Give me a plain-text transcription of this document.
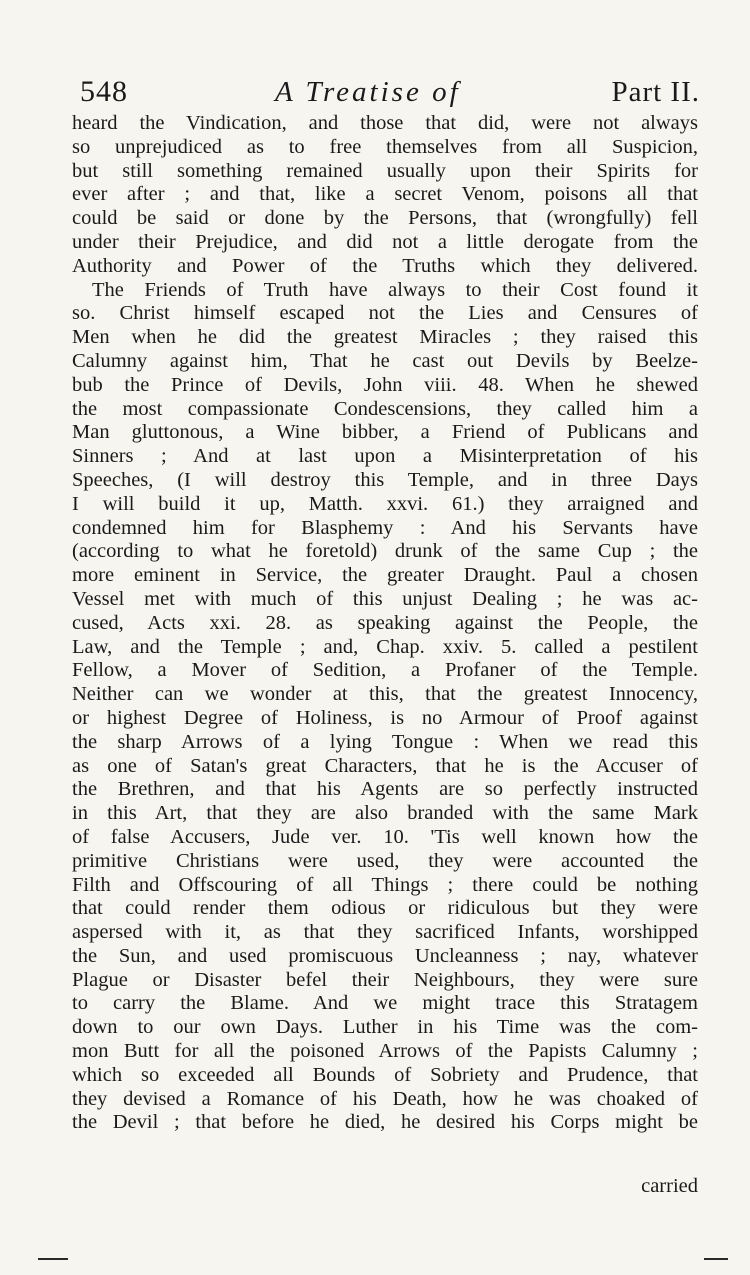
548	A Treatise of	Part II.
heard the Vindication, and those that did, were not always
so unprejudiced as to free themselves from all Suspicion,
but still something remained usually upon their Spirits for
ever after ; and that, like a secret Venom, poisons all that
could be said or done by the Persons, that (wrongfully) fell
under their Prejudice, and did not a little derogate from the
Authority and Power of the Truths which they delivered.
The Friends of Truth have always to their Cost found it
so. Christ himself escaped not the Lies and Censures of
Men when he did the greatest Miracles ; they raised this
Calumny against him, That he cast out Devils by Beelze-
bub the Prince of Devils, John viii. 48. When he shewed
the most compassionate Condescensions, they called him a
Man gluttonous, a Wine bibber, a Friend of Publicans and
Sinners ; And at last upon a Misinterpretation of his
Speeches, (I will destroy this Temple, and in three Days
I will build it up, Matth. xxvi. 61.) they arraigned and
condemned him for Blasphemy : And his Servants have
(according to what he foretold) drunk of the same Cup ; the
more eminent in Service, the greater Draught. Paul a chosen
Vessel met with much of this unjust Dealing ; he was ac-
cused, Acts xxi. 28. as speaking against the People, the
Law, and the Temple ; and, Chap. xxiv. 5. called a pestilent
Fellow, a Mover of Sedition, a Profaner of the Temple.
Neither can we wonder at this, that the greatest Innocency,
or highest Degree of Holiness, is no Armour of Proof against
the sharp Arrows of a lying Tongue : When we read this
as one of Satan's great Characters, that he is the Accuser of
the Brethren, and that his Agents are so perfectly instructed
in this Art, that they are also branded with the same Mark
of false Accusers, Jude ver. 10. 'Tis well known how the
primitive Christians were used, they were accounted the
Filth and Offscouring of all Things ; there could be nothing
that could render them odious or ridiculous but they were
aspersed with it, as that they sacrificed Infants, worshipped
the Sun, and used promiscuous Uncleanness ; nay, whatever
Plague or Disaster befel their Neighbours, they were sure
to carry the Blame. And we might trace this Stratagem
down to our own Days. Luther in his Time was the com-
mon Butt for all the poisoned Arrows of the Papists Calumny ;
which so exceeded all Bounds of Sobriety and Prudence, that
they devised a Romance of his Death, how he was choaked of
the Devil ; that before he died, he desired his Corps might be
carried
